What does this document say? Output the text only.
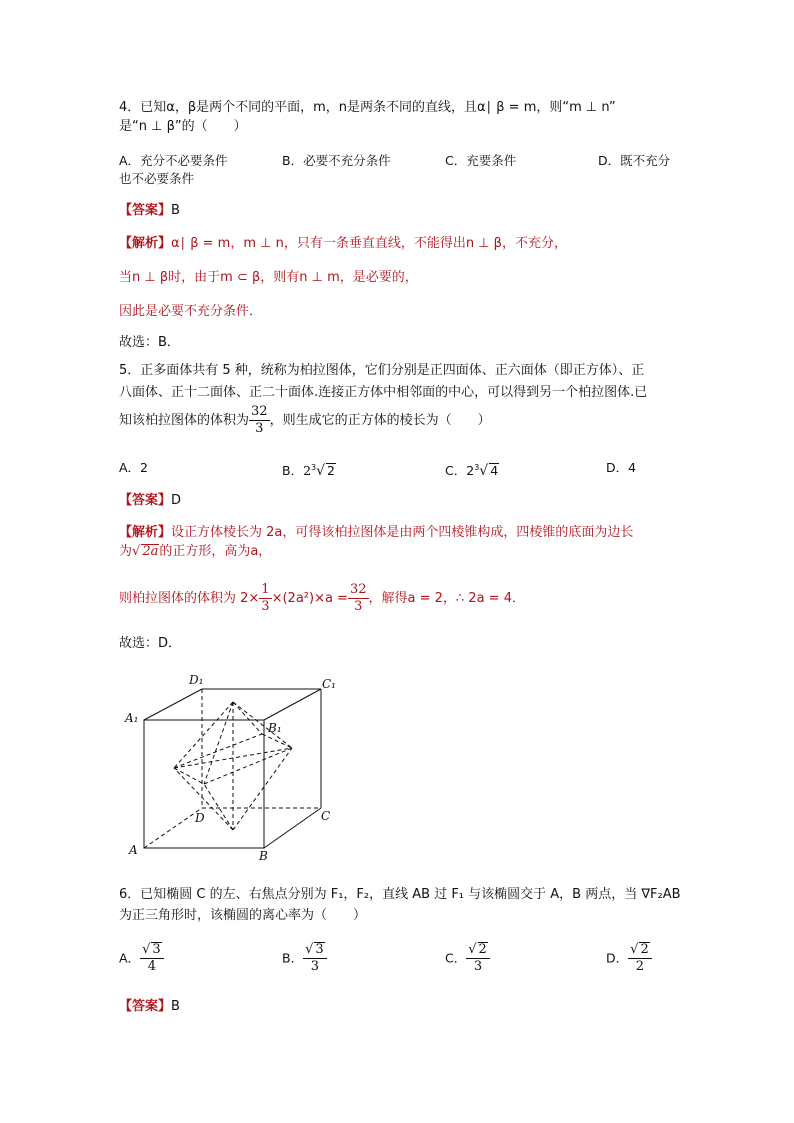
4．已知α，β是两个不同的平面，m，n是两条不同的直线，且α∣ β = m，则“m ⊥ n”

是“n ⊥ β”的（　　）

A．充分不必要条件	B．必要不充分条件	C．充要条件	D．既不充分
也不必要条件

【答案】B

【解析】α∣ β = m，m ⊥ n，只有一条垂直直线，不能得出n ⊥ β，不充分，

当n ⊥ β时，由于m ⊂ β，则有n ⊥ m，是必要的，

因此是必要不充分条件．

故选：B．

5．正多面体共有 5 种，统称为柏拉图体，它们分别是正四面体、正六面体（即正方体）、正

八面体、正十二面体、正二十面体.连接正方体中相邻面的中心，可以得到另一个柏拉图体.已

知该柏拉图体的体积为 $\frac{32}{3}$ ，则生成它的正方体的棱长为（　　）

A．2	B．$2^3√$ 2	C．$2^3√$ 4	D．4

【答案】D

【解析】设正方体棱长为 2a，可得该柏拉图体是由两个四棱锥构成，四棱锥的底面为边长

为√ 2a的正方形，高为a，

则柏拉图体的体积为 $2\times \frac{1}{3} \times(2a^2)\times a = \frac{32}{3}$ ，解得a = 2，∴ 2a = 4．

故选：D．

D₁	C₁
A₁
B₁
D	C
A	B

6．已知椭圆 C 的左、右焦点分别为 F₁，F₂，直线 AB 过 F₁ 与该椭圆交于 A，B 两点，当 ∇F₂AB

为正三角形时，该椭圆的离心率为（　　）

A． $\frac{√ 3}{4}$	B． $\frac{√ 3}{3}$	C． $\frac{√ 2}{3}$	D． $\frac{√ 2}{2}$

【答案】B
